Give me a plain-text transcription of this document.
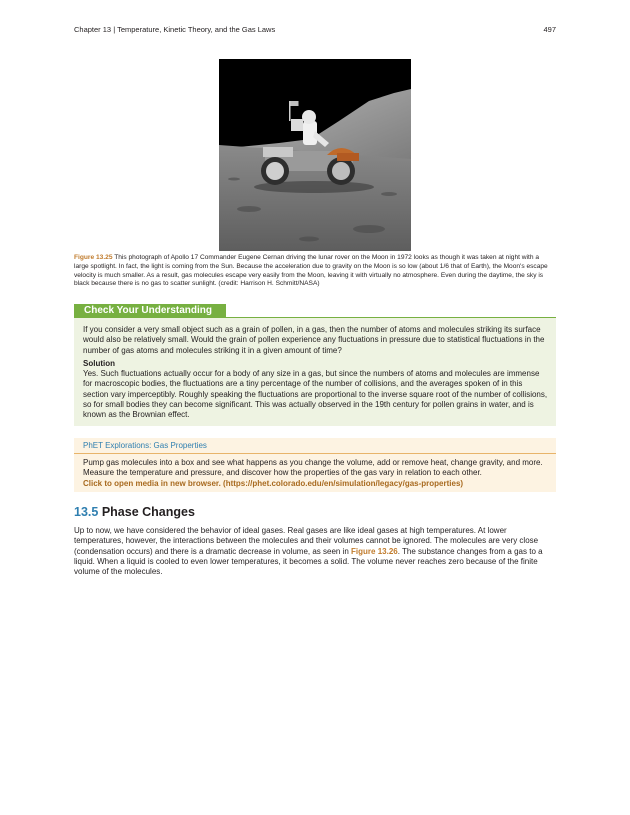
Chapter 13 | Temperature, Kinetic Theory, and the Gas Laws	497
Figure 13.25 This photograph of Apollo 17 Commander Eugene Cernan driving the lunar rover on the Moon in 1972 looks as though it was taken at night with a large spotlight. In fact, the light is coming from the Sun. Because the acceleration due to gravity on the Moon is so low (about 1/6 that of Earth), the Moon's escape velocity is much smaller. As a result, gas molecules escape very easily from the Moon, leaving it with virtually no atmosphere. Even during the daytime, the sky is black because there is no gas to scatter sunlight. (credit: Harrison H. Schmitt/NASA)
Check Your Understanding

If you consider a very small object such as a grain of pollen, in a gas, then the number of atoms and molecules striking its surface would also be relatively small. Would the grain of pollen experience any fluctuations in pressure due to statistical fluctuations in the number of gas atoms and molecules striking it in a given amount of time?

Solution

Yes. Such fluctuations actually occur for a body of any size in a gas, but since the numbers of atoms and molecules are immense for macroscopic bodies, the fluctuations are a tiny percentage of the number of collisions, and the averages spoken of in this section vary imperceptibly. Roughly speaking the fluctuations are proportional to the inverse square root of the number of collisions, so for small bodies they can become significant. This was actually observed in the 19th century for pollen grains in water, and is known as the Brownian effect.

PhET Explorations: Gas Properties

Pump gas molecules into a box and see what happens as you change the volume, add or remove heat, change gravity, and more. Measure the temperature and pressure, and discover how the properties of the gas vary in relation to each other.

Click to open media in new browser. (https://phet.colorado.edu/en/simulation/legacy/gas-properties)

13.5 Phase Changes

Up to now, we have considered the behavior of ideal gases. Real gases are like ideal gases at high temperatures. At lower temperatures, however, the interactions between the molecules and their volumes cannot be ignored. The molecules are very close (condensation occurs) and there is a dramatic decrease in volume, as seen in Figure 13.26. The substance changes from a gas to a liquid. When a liquid is cooled to even lower temperatures, it becomes a solid. The volume never reaches zero because of the finite volume of the molecules.
